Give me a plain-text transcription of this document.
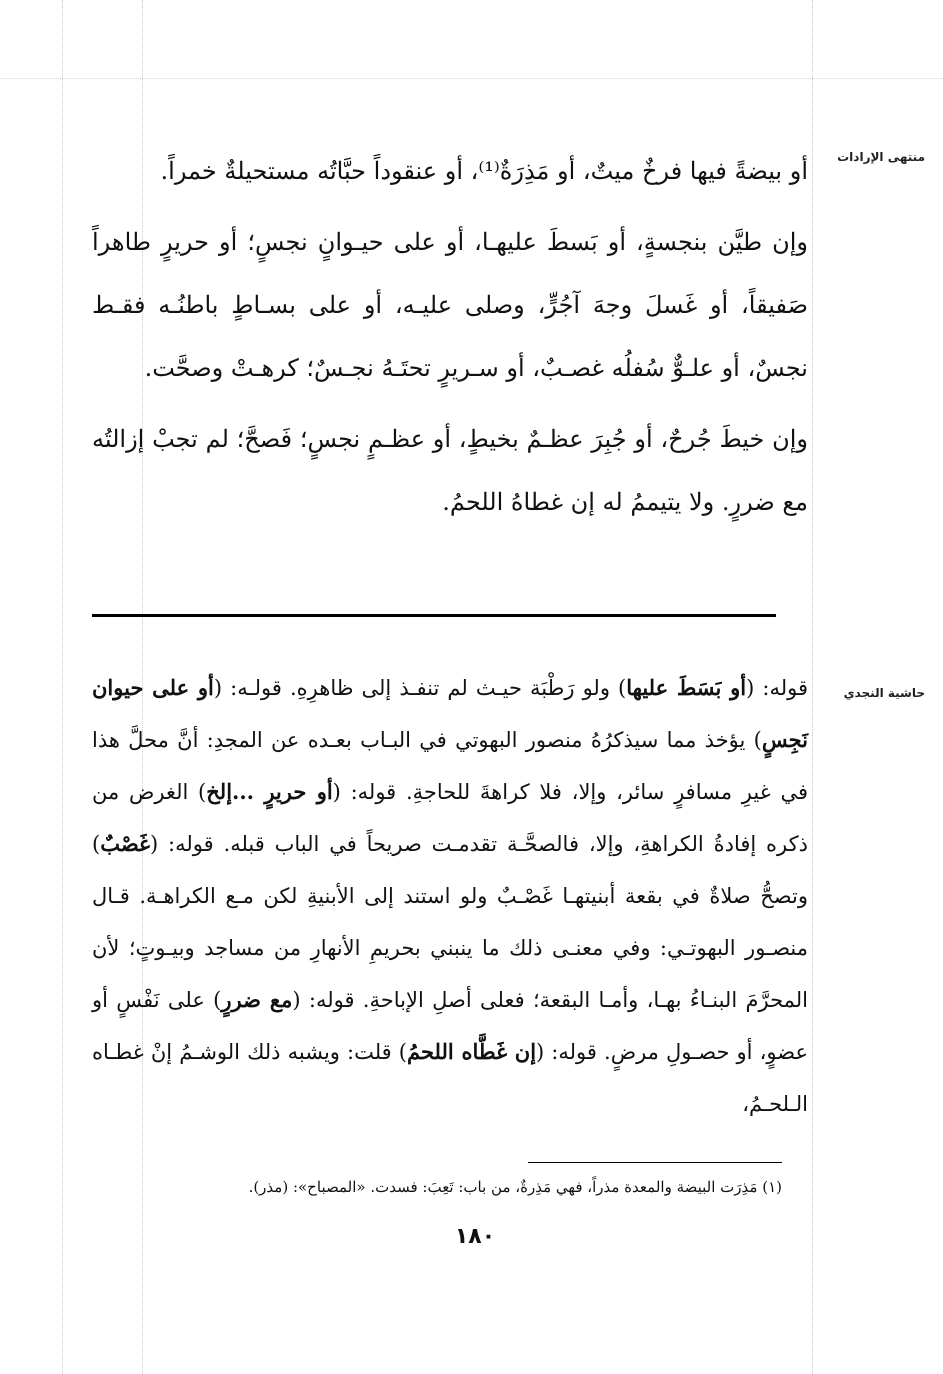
منتهى الإرادات
حاشية النجدي

أو بيضةً فيها فرخٌ ميتٌ، أو مَذِرَةٌ⁽¹⁾، أو عنقوداً حبَّاتُه مستحيلةٌ خمراً.

وإن طيَّن بنجسةٍ، أو بَسطَ عليهـا، أو على حيـوانٍ نجسٍ؛ أو حريرٍ طاهراً صَفيقاً، أو غَسلَ وجهَ آجُرٍّ، وصلى عليـه، أو على بسـاطٍ باطنُـه فقـط نجسٌ، أو علـوٌّ سُفلُه غصـبٌ، أو سـريرٍ تحتَـهُ نجـسٌ؛ كرهـتْ وصحَّت.

وإن خيطَ جُرحٌ، أو جُبِرَ عظـمٌ بخيطٍ، أو عظـمٍ نجسٍ؛ فَصحَّ؛ لم تجبْ إزالتُه مع ضررٍ. ولا يتيممُ له إن غطاهُ اللحمُ.

قوله: (أو بَسَطَ عليها) ولو رَطْبَة حيـث لم تنفـذ إلى ظاهرِهِ. قولـه: (أو على حيوان نَجِسٍ) يؤخذ مما سيذكرُهُ منصور البهوتي في البـاب بعـده عن المجدِ: أنَّ محلَّ هذا في غيرِ مسافرٍ سائر، وإلا، فلا كراهةَ للحاجةِ. قوله: (أو حريرٍ ...إلخ) الغرض من ذكره إفادةُ الكراهةِ، وإلا، فالصحَّـة تقدمـت صريحاً في الباب قبله. قوله: (غَصْبٌ) وتصحُّ صلاةٌ في بقعة أبنيتهـا غَصْـبٌ ولو استند إلى الأبنيةِ لكن مـع الكراهـة. قـال منصـور البهوتـي: وفي معنـى ذلك ما ينبني بحريمِ الأنهارِ من مساجد وبيـوتٍ؛ لأن المحرَّمَ البنـاءُ بهـا، وأمـا البقعة؛ فعلى أصلِ الإباحةِ. قوله: (مع ضررٍ) على نَفْسٍ أو عضوٍ، أو حصـولِ مرضٍ. قوله: (إن غَطَّاه اللحمُ) قلت: ويشبه ذلك الوشـمُ إنْ غطـاه الـلحـمُ،

(١) مَذِرَت البيضة والمعدة مذراً، فهي مَذِرةٌ، من باب: تَعِبَ: فسدت. «المصباح»: (مذر).
١٨٠
